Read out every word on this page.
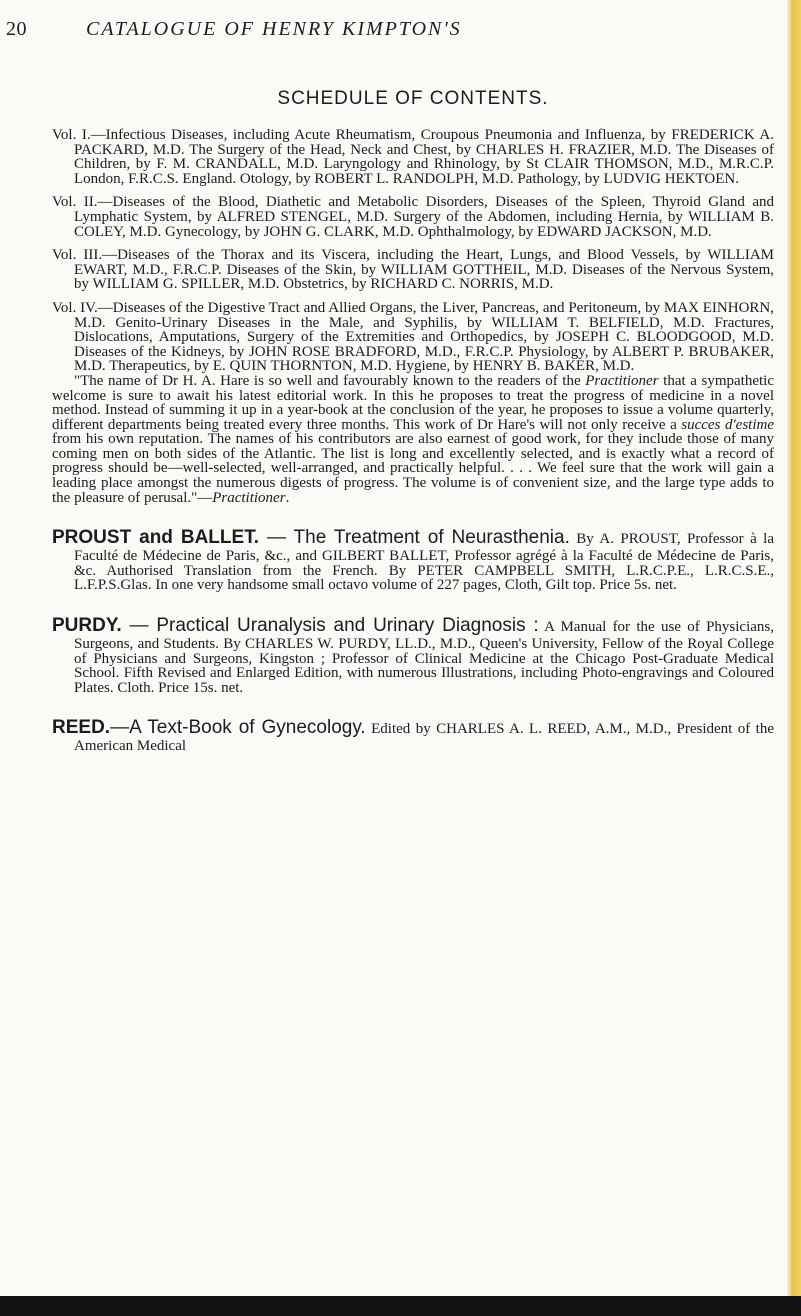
20	CATALOGUE OF HENRY KIMPTON'S
SCHEDULE OF CONTENTS.

Vol. I.—Infectious Diseases, including Acute Rheumatism, Croupous Pneumonia and Influenza, by FREDERICK A. PACKARD, M.D. The Surgery of the Head, Neck and Chest, by CHARLES H. FRAZIER, M.D. The Diseases of Children, by F. M. CRANDALL, M.D. Laryngology and Rhinology, by St CLAIR THOMSON, M.D., M.R.C.P. London, F.R.C.S. England. Otology, by ROBERT L. RANDOLPH, M.D. Pathology, by LUDVIG HEKTOEN.

Vol. II.—Diseases of the Blood, Diathetic and Metabolic Disorders, Diseases of the Spleen, Thyroid Gland and Lymphatic System, by ALFRED STENGEL, M.D. Surgery of the Abdomen, including Hernia, by WILLIAM B. COLEY, M.D. Gynecology, by JOHN G. CLARK, M.D. Ophthalmology, by EDWARD JACKSON, M.D.

Vol. III.—Diseases of the Thorax and its Viscera, including the Heart, Lungs, and Blood Vessels, by WILLIAM EWART, M.D., F.R.C.P. Diseases of the Skin, by WILLIAM GOTTHEIL, M.D. Diseases of the Nervous System, by WILLIAM G. SPILLER, M.D. Obstetrics, by RICHARD C. NORRIS, M.D.

Vol. IV.—Diseases of the Digestive Tract and Allied Organs, the Liver, Pancreas, and Peritoneum, by MAX EINHORN, M.D. Genito-Urinary Diseases in the Male, and Syphilis, by WILLIAM T. BELFIELD, M.D. Fractures, Dislocations, Amputations, Surgery of the Extremities and Orthopedics, by JOSEPH C. BLOODGOOD, M.D. Diseases of the Kidneys, by JOHN ROSE BRADFORD, M.D., F.R.C.P. Physiology, by ALBERT P. BRUBAKER, M.D. Therapeutics, by E. QUIN THORNTON, M.D. Hygiene, by HENRY B. BAKER, M.D.

"The name of Dr H. A. Hare is so well and favourably known to the readers of the Practitioner that a sympathetic welcome is sure to await his latest editorial work. In this he proposes to treat the progress of medicine in a novel method. Instead of summing it up in a year-book at the conclusion of the year, he proposes to issue a volume quarterly, different departments being treated every three months. This work of Dr Hare's will not only receive a succes d'estime from his own reputation. The names of his contributors are also earnest of good work, for they include those of many coming men on both sides of the Atlantic. The list is long and excellently selected, and is exactly what a record of progress should be—well-selected, well-arranged, and practically helpful. . . . We feel sure that the work will gain a leading place amongst the numerous digests of progress. The volume is of convenient size, and the large type adds to the pleasure of perusal."—Practitioner.

PROUST and BALLET. — The Treatment of Neurasthenia. By A. PROUST, Professor à la Faculté de Médecine de Paris, &c., and GILBERT BALLET, Professor agrégé à la Faculté de Médecine de Paris, &c. Authorised Translation from the French. By PETER CAMPBELL SMITH, L.R.C.P.E., L.R.C.S.E., L.F.P.S.Glas. In one very handsome small octavo volume of 227 pages, Cloth, Gilt top. Price 5s. net.

PURDY. — Practical Uranalysis and Urinary Diagnosis : A Manual for the use of Physicians, Surgeons, and Students. By CHARLES W. PURDY, LL.D., M.D., Queen's University, Fellow of the Royal College of Physicians and Surgeons, Kingston ; Professor of Clinical Medicine at the Chicago Post-Graduate Medical School. Fifth Revised and Enlarged Edition, with numerous Illustrations, including Photo-engravings and Coloured Plates. Cloth. Price 15s. net.

REED.—A Text-Book of Gynecology. Edited by CHARLES A. L. REED, A.M., M.D., President of the American Medical
